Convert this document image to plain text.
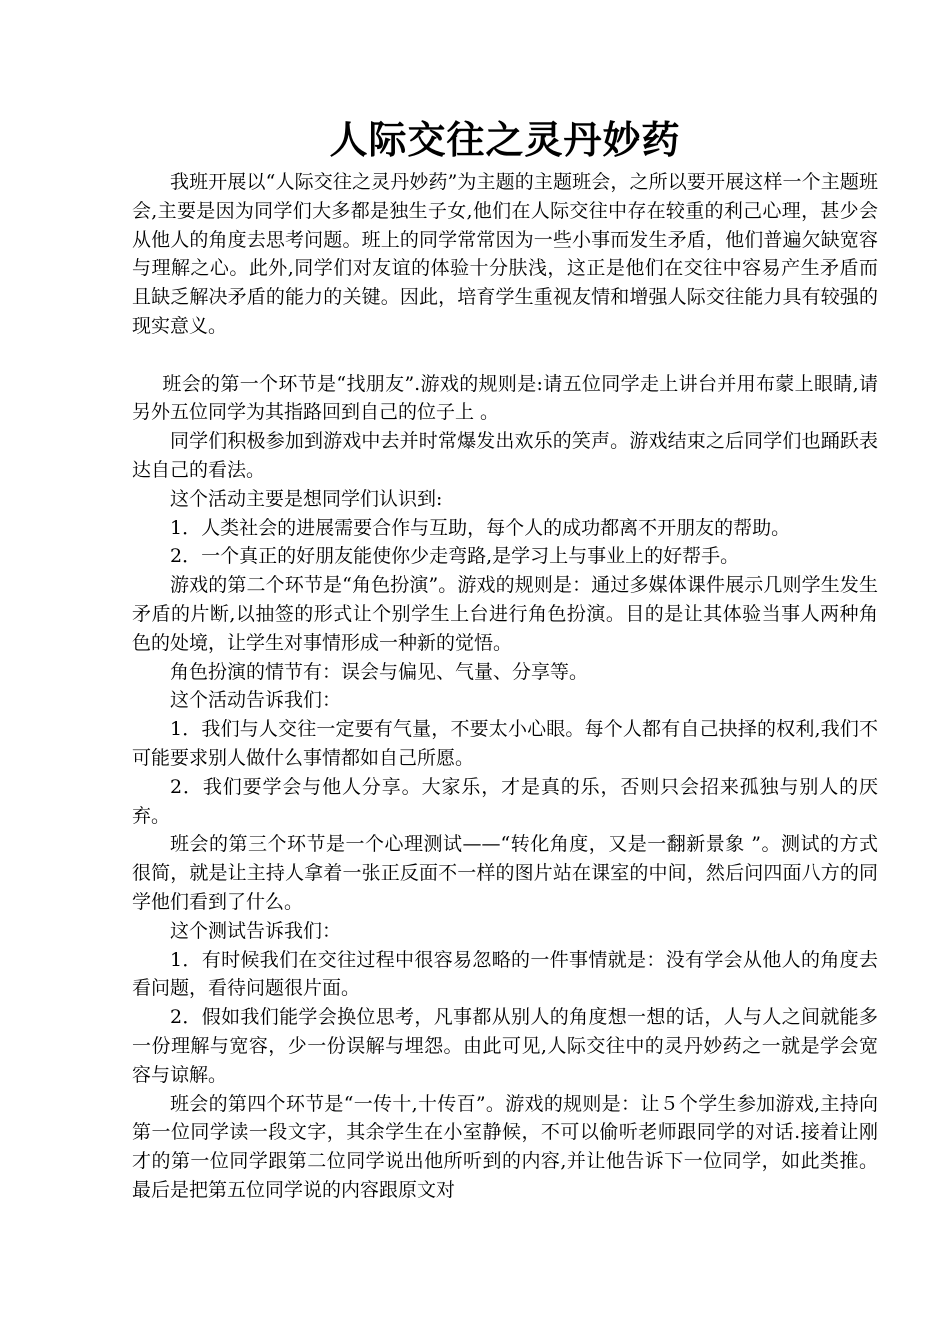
人际交往之灵丹妙药

我班开展以“人际交往之灵丹妙药”为主题的主题班会，之所以要开展这样一个主题班会,主要是因为同学们大多都是独生子女,他们在人际交往中存在较重的利己心理，甚少会从他人的角度去思考问题。班上的同学常常因为一些小事而发生矛盾，他们普遍欠缺宽容与理解之心。此外,同学们对友谊的体验十分肤浅，这正是他们在交往中容易产生矛盾而且缺乏解决矛盾的能力的关键。因此，培育学生重视友情和增强人际交往能力具有较强的现实意义。

班会的第一个环节是“找朋友”.游戏的规则是:请五位同学走上讲台并用布蒙上眼睛,请另外五位同学为其指路回到自己的位子上 。

同学们积极参加到游戏中去并时常爆发出欢乐的笑声。游戏结束之后同学们也踊跃表达自己的看法。

这个活动主要是想同学们认识到:

1．人类社会的进展需要合作与互助，每个人的成功都离不开朋友的帮助。

2．一个真正的好朋友能使你少走弯路,是学习上与事业上的好帮手。

游戏的第二个环节是“角色扮演”。游戏的规则是：通过多媒体课件展示几则学生发生矛盾的片断,以抽签的形式让个别学生上台进行角色扮演。目的是让其体验当事人两种角色的处境，让学生对事情形成一种新的觉悟。

角色扮演的情节有：误会与偏见、气量、分享等。

这个活动告诉我们：

1．我们与人交往一定要有气量，不要太小心眼。每个人都有自己抉择的权利,我们不可能要求别人做什么事情都如自己所愿。

2．我们要学会与他人分享。大家乐，才是真的乐，否则只会招来孤独与别人的厌弃。

班会的第三个环节是一个心理测试——“转化角度，又是一翻新景象 ”。测试的方式很简，就是让主持人拿着一张正反面不一样的图片站在课室的中间，然后问四面八方的同学他们看到了什么。

这个测试告诉我们：

1．有时候我们在交往过程中很容易忽略的一件事情就是：没有学会从他人的角度去看问题，看待问题很片面。

2．假如我们能学会换位思考，凡事都从别人的角度想一想的话，人与人之间就能多一份理解与宽容，少一份误解与埋怨。由此可见,人际交往中的灵丹妙药之一就是学会宽容与谅解。

班会的第四个环节是“一传十,十传百”。游戏的规则是：让５个学生参加游戏,主持向第一位同学读一段文字，其余学生在小室静候，不可以偷听老师跟同学的对话.接着让刚才的第一位同学跟第二位同学说出他所听到的内容,并让他告诉下一位同学，如此类推。最后是把第五位同学说的内容跟原文对
